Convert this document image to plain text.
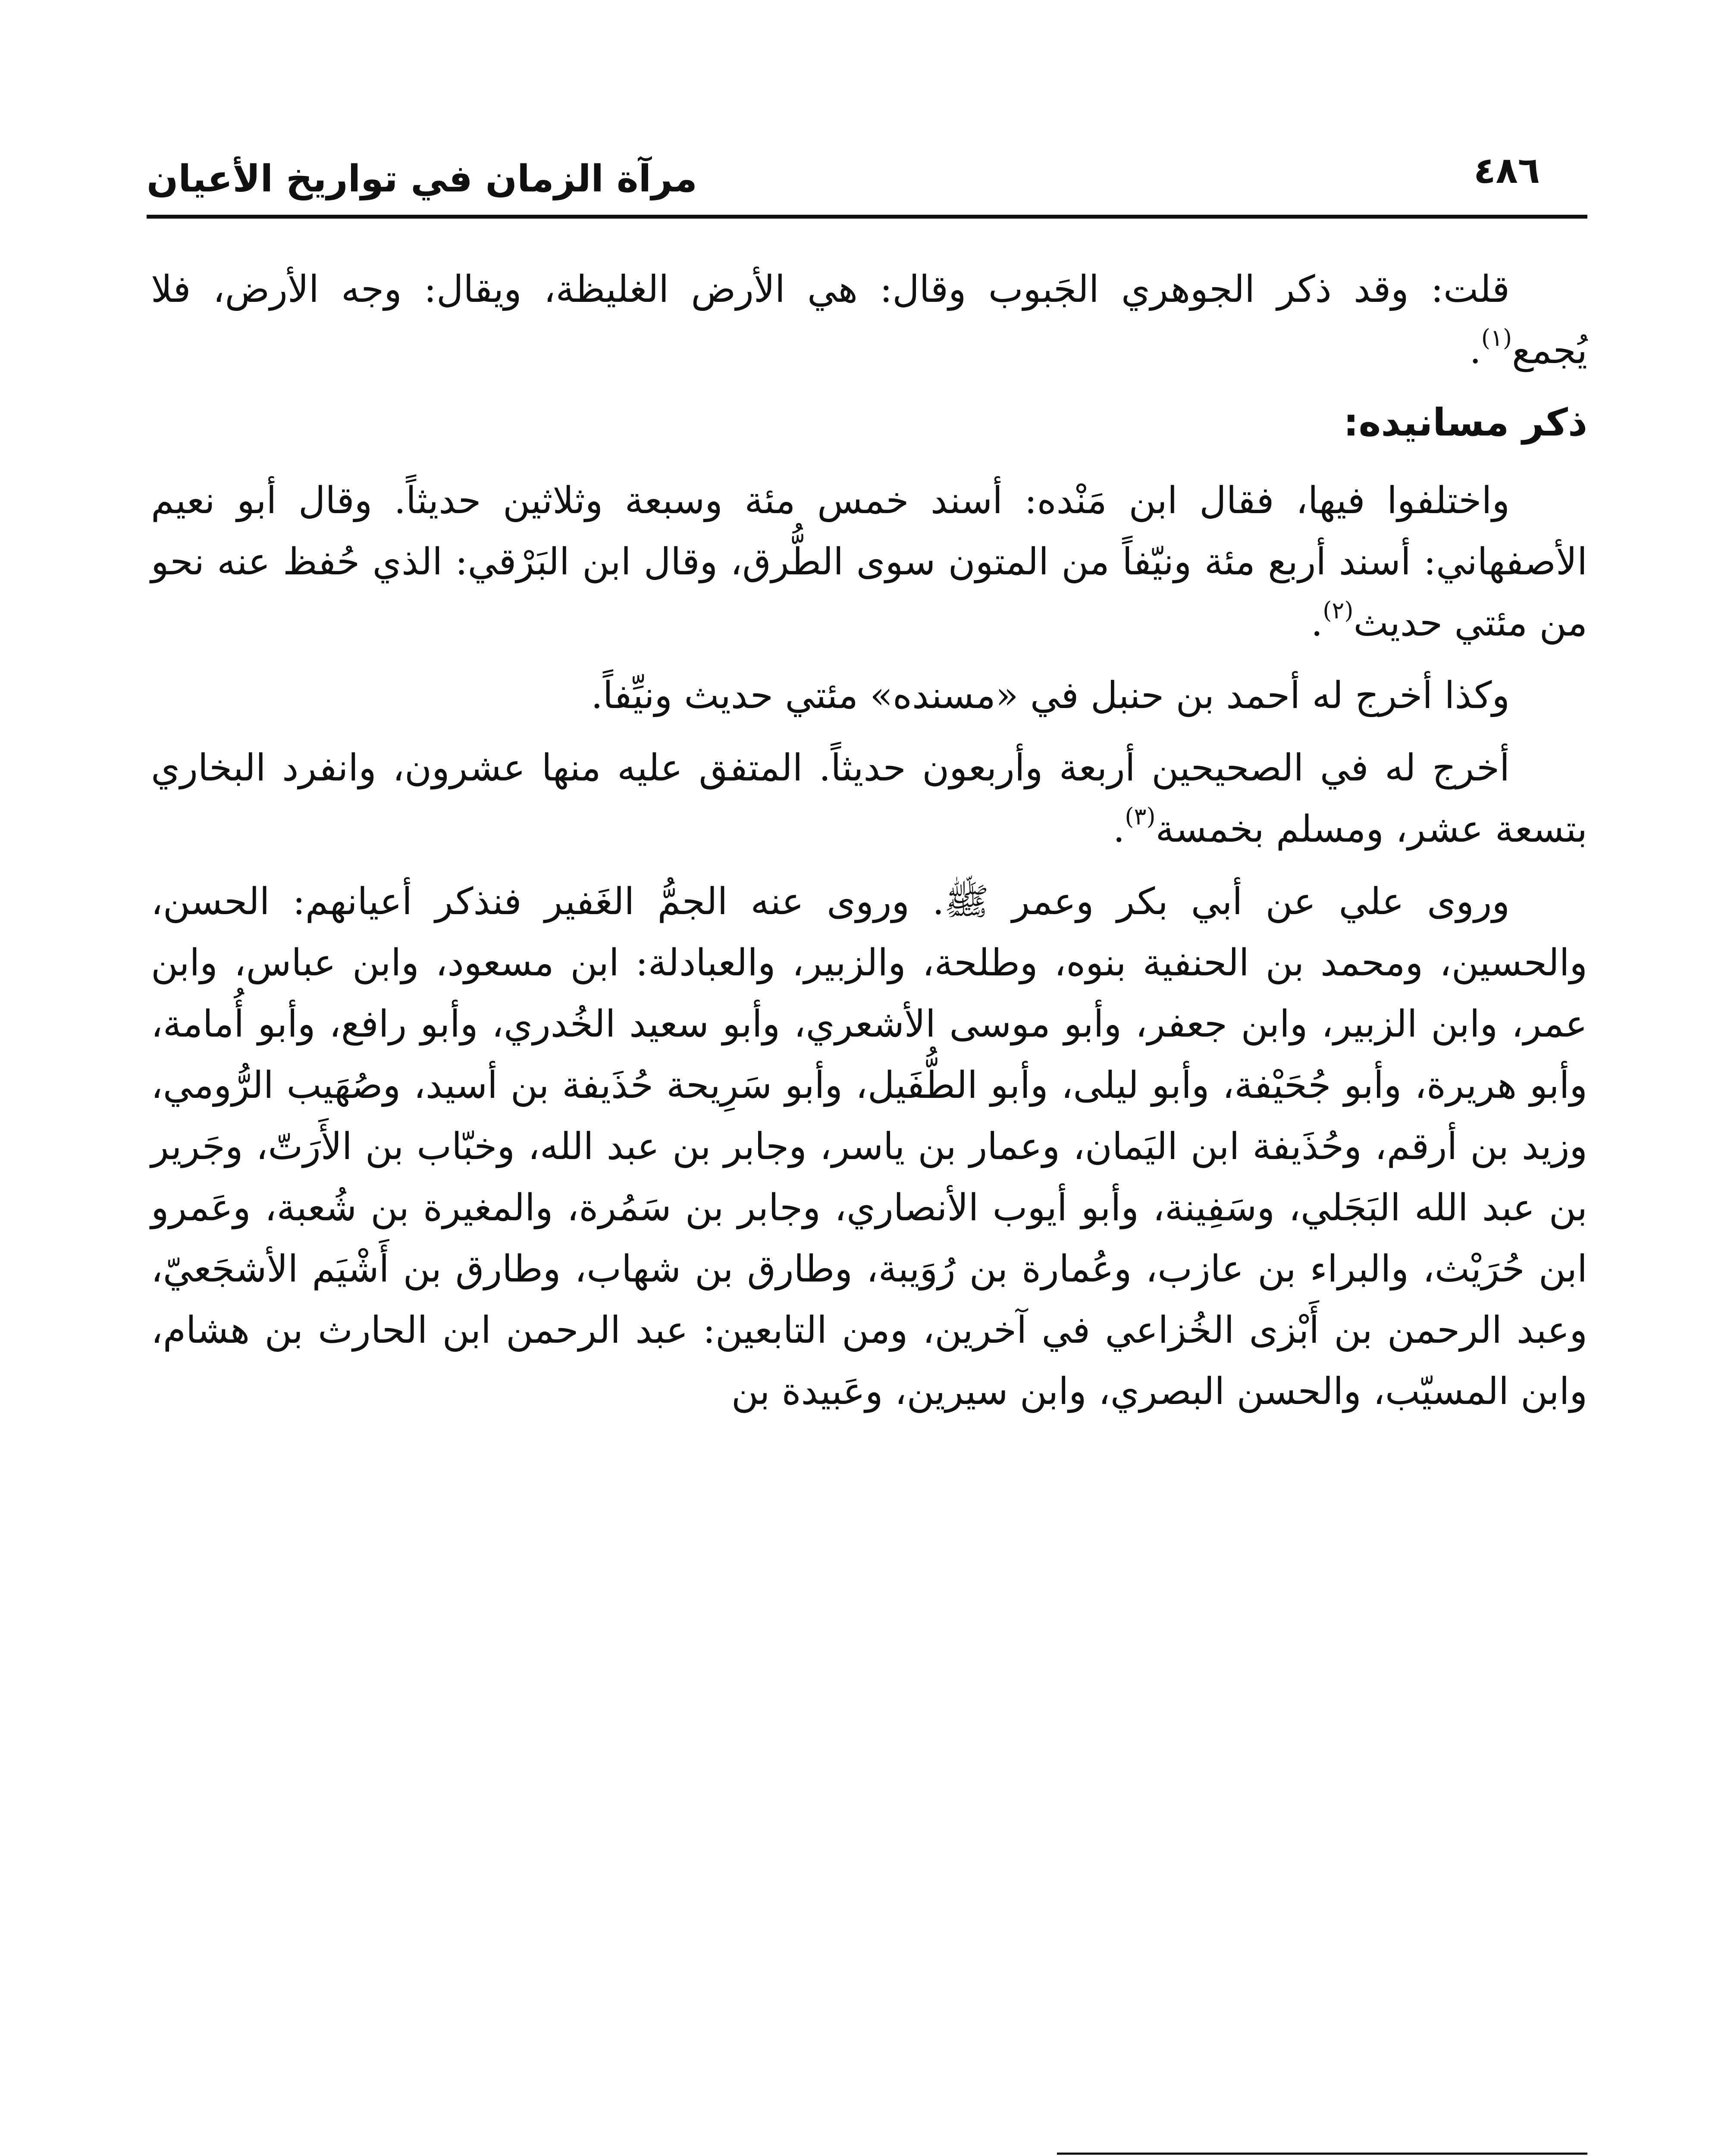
٤٨٦
مرآة الزمان في تواريخ الأعيان

قلت: وقد ذكر الجوهري الجَبوب وقال: هي الأرض الغليظة، ويقال: وجه الأرض، فلا يُجمع$^{(١)}$.

ذكر مسانيده:

واختلفوا فيها، فقال ابن مَنْده: أسند خمس مئة وسبعة وثلاثين حديثاً. وقال أبو نعيم الأصفهاني: أسند أربع مئة ونيّفاً من المتون سوى الطُّرق، وقال ابن البَرْقي: الذي حُفظ عنه نحو من مئتي حديث$^{(٢)}$.

وكذا أخرج له أحمد بن حنبل في «مسنده» مئتي حديث ونيِّفاً.

أخرج له في الصحيحين أربعة وأربعون حديثاً. المتفق عليه منها عشرون، وانفرد البخاري بتسعة عشر، ومسلم بخمسة$^{(٣)}$.

وروى علي عن أبي بكر وعمر ﷺ. وروى عنه الجمُّ الغَفير فنذكر أعيانهم: الحسن، والحسين، ومحمد بن الحنفية بنوه، وطلحة، والزبير، والعبادلة: ابن مسعود، وابن عباس، وابن عمر، وابن الزبير، وابن جعفر، وأبو موسى الأشعري، وأبو سعيد الخُدري، وأبو رافع، وأبو أُمامة، وأبو هريرة، وأبو جُحَيْفة، وأبو ليلى، وأبو الطُّفَيل، وأبو سَرِيحة حُذَيفة بن أسيد، وصُهَيب الرُّومي، وزيد بن أرقم، وحُذَيفة ابن اليَمان، وعمار بن ياسر، وجابر بن عبد الله، وخبّاب بن الأَرَتّ، وجَرير بن عبد الله البَجَلي، وسَفِينة، وأبو أيوب الأنصاري، وجابر بن سَمُرة، والمغيرة بن شُعبة، وعَمرو ابن حُرَيْث، والبراء بن عازب، وعُمارة بن رُوَيبة، وطارق بن شهاب، وطارق بن أَشْيَم الأشجَعيّ، وعبد الرحمن بن أَبْزى الخُزاعي في آخرين، ومن التابعين: عبد الرحمن ابن الحارث بن هشام، وابن المسيّب، والحسن البصري، وابن سيرين، وعَبيدة بن
